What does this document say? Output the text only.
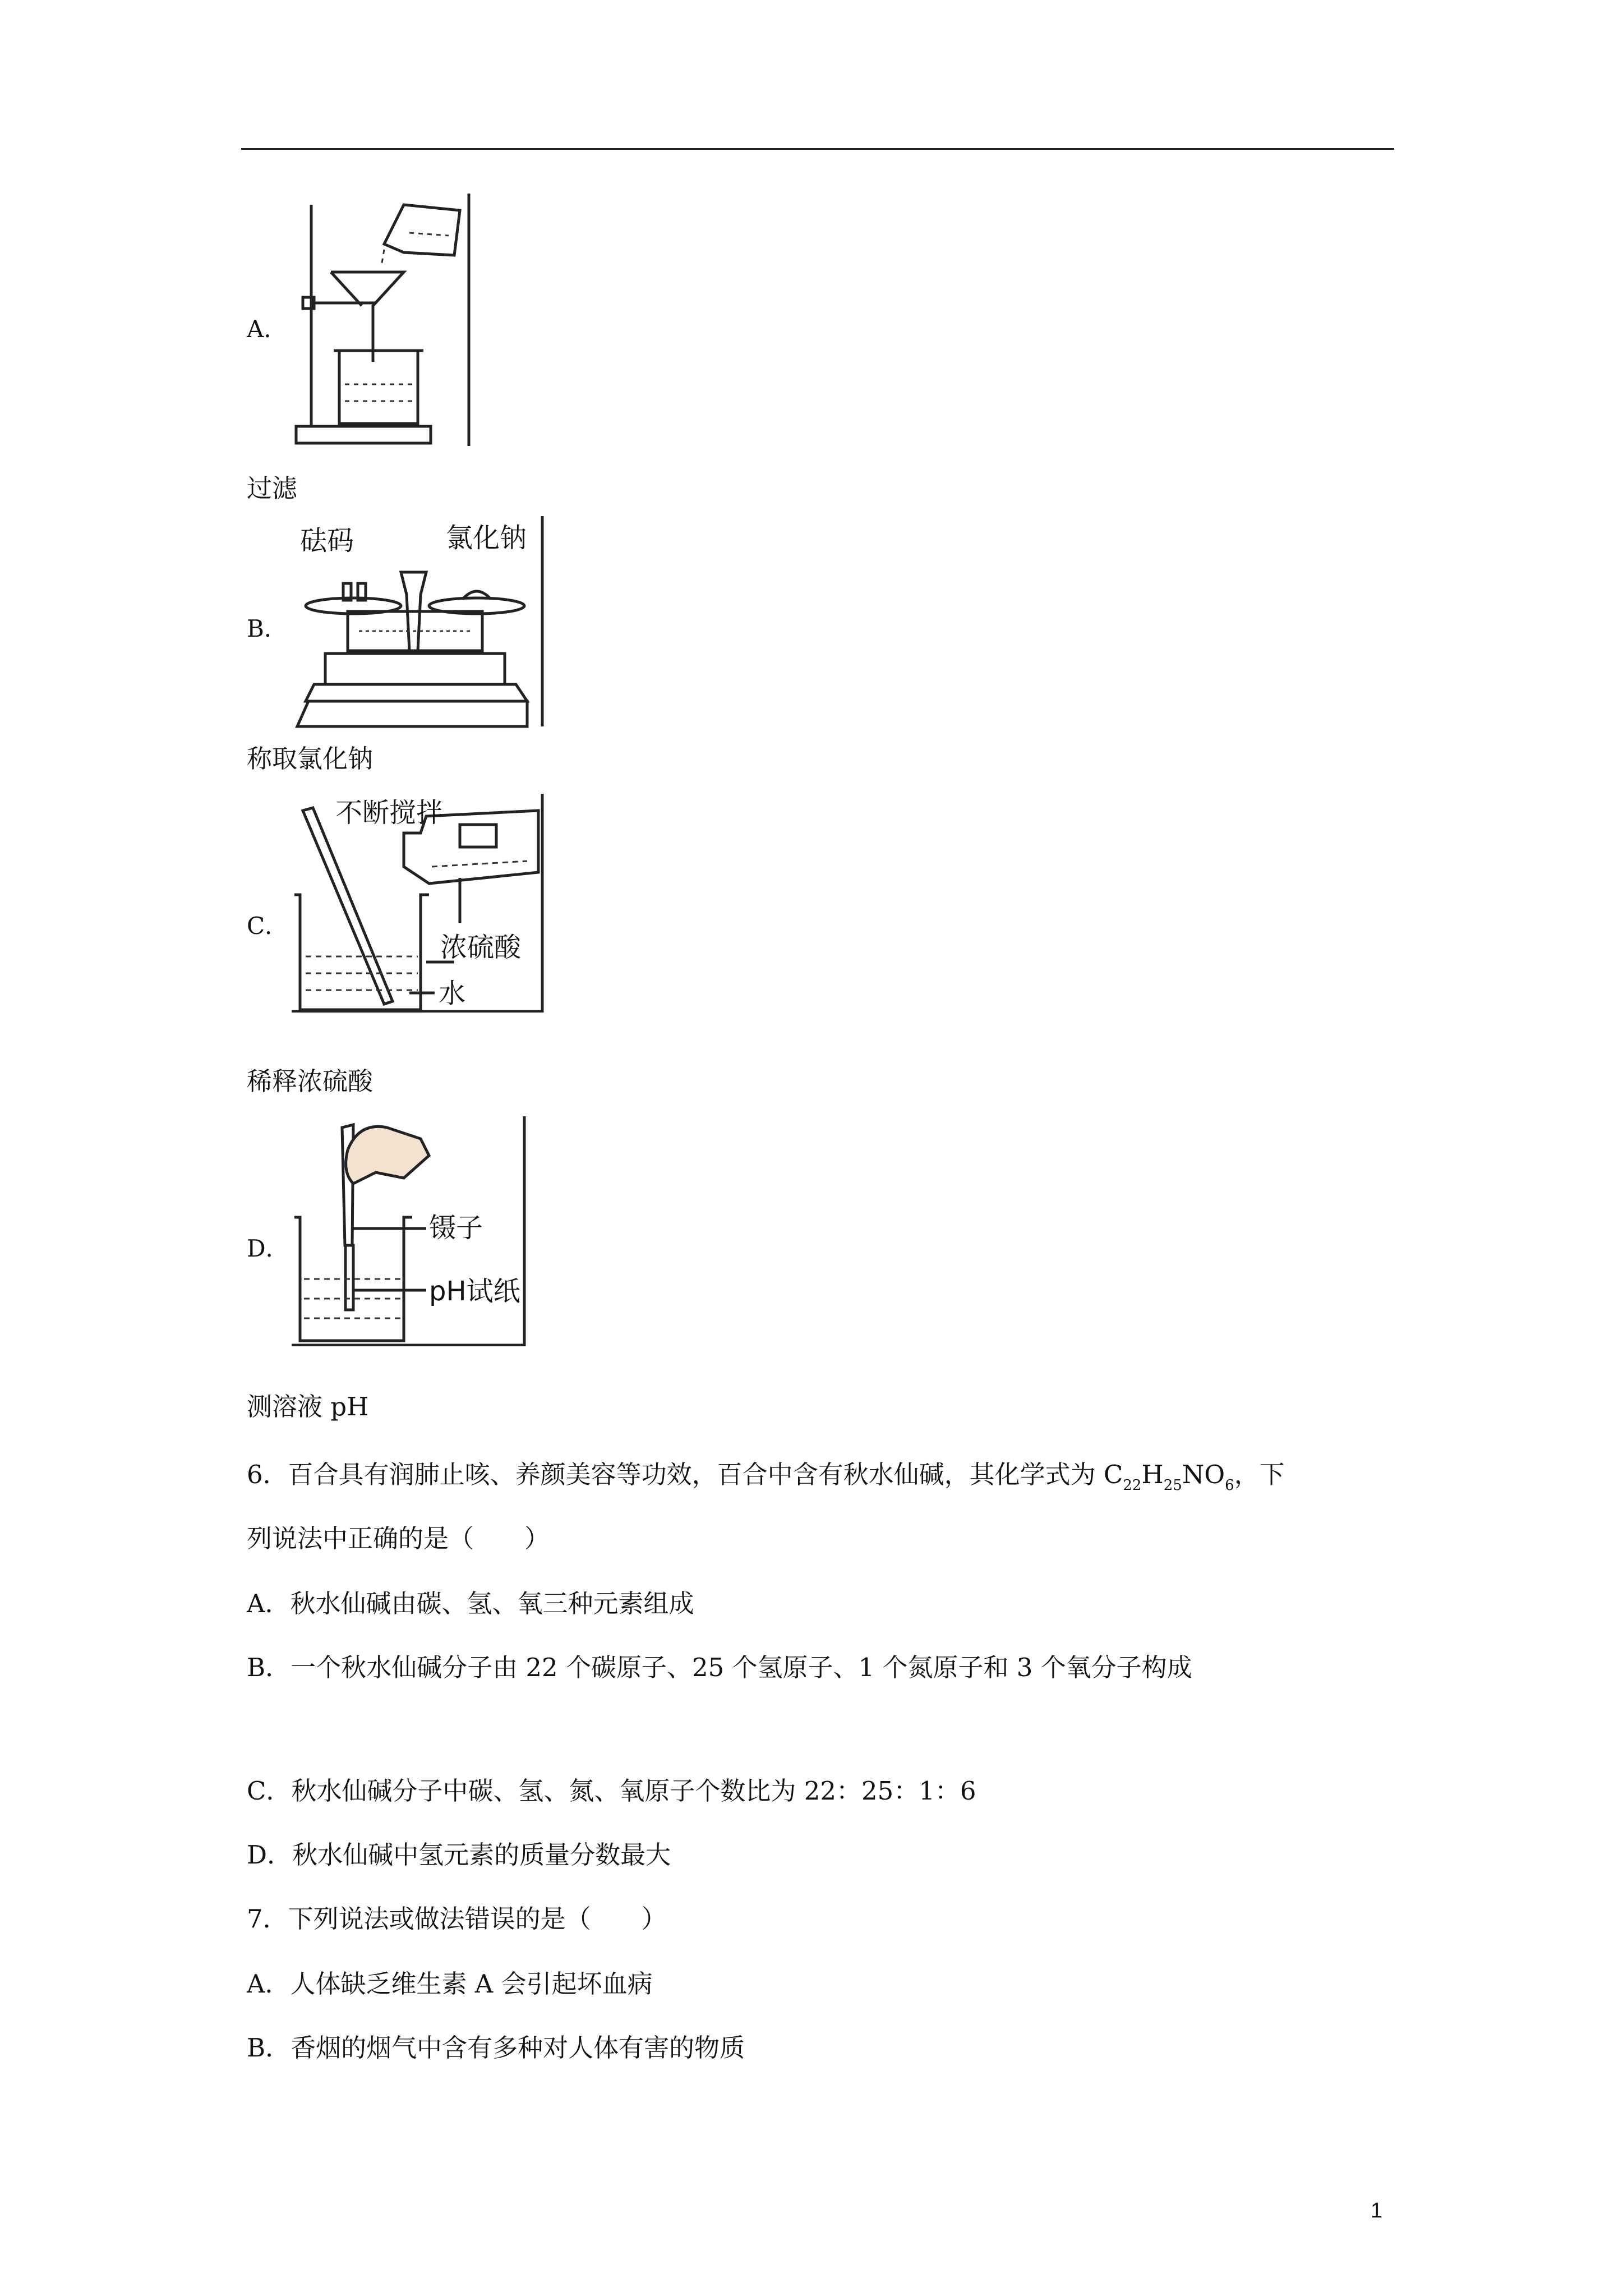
A．
过滤
B．
砝码	氯化钠
称取氯化钠
C．
不断搅拌
浓硫酸
水
稀释浓硫酸
D．
镊子
pH试纸
测溶液 pH
6．百合具有润肺止咳、养颜美容等功效，百合中含有秋水仙碱，其化学式为 $C_{22}H_{25}NO_6$，下
列说法中正确的是（　　）
A．秋水仙碱由碳、氢、氧三种元素组成
B．一个秋水仙碱分子由 22 个碳原子、25 个氢原子、1 个氮原子和 3 个氧分子构成
C．秋水仙碱分子中碳、氢、氮、氧原子个数比为 22：25：1：6
D．秋水仙碱中氢元素的质量分数最大
7．下列说法或做法错误的是（　　）
A．人体缺乏维生素 A 会引起坏血病
B．香烟的烟气中含有多种对人体有害的物质
1
